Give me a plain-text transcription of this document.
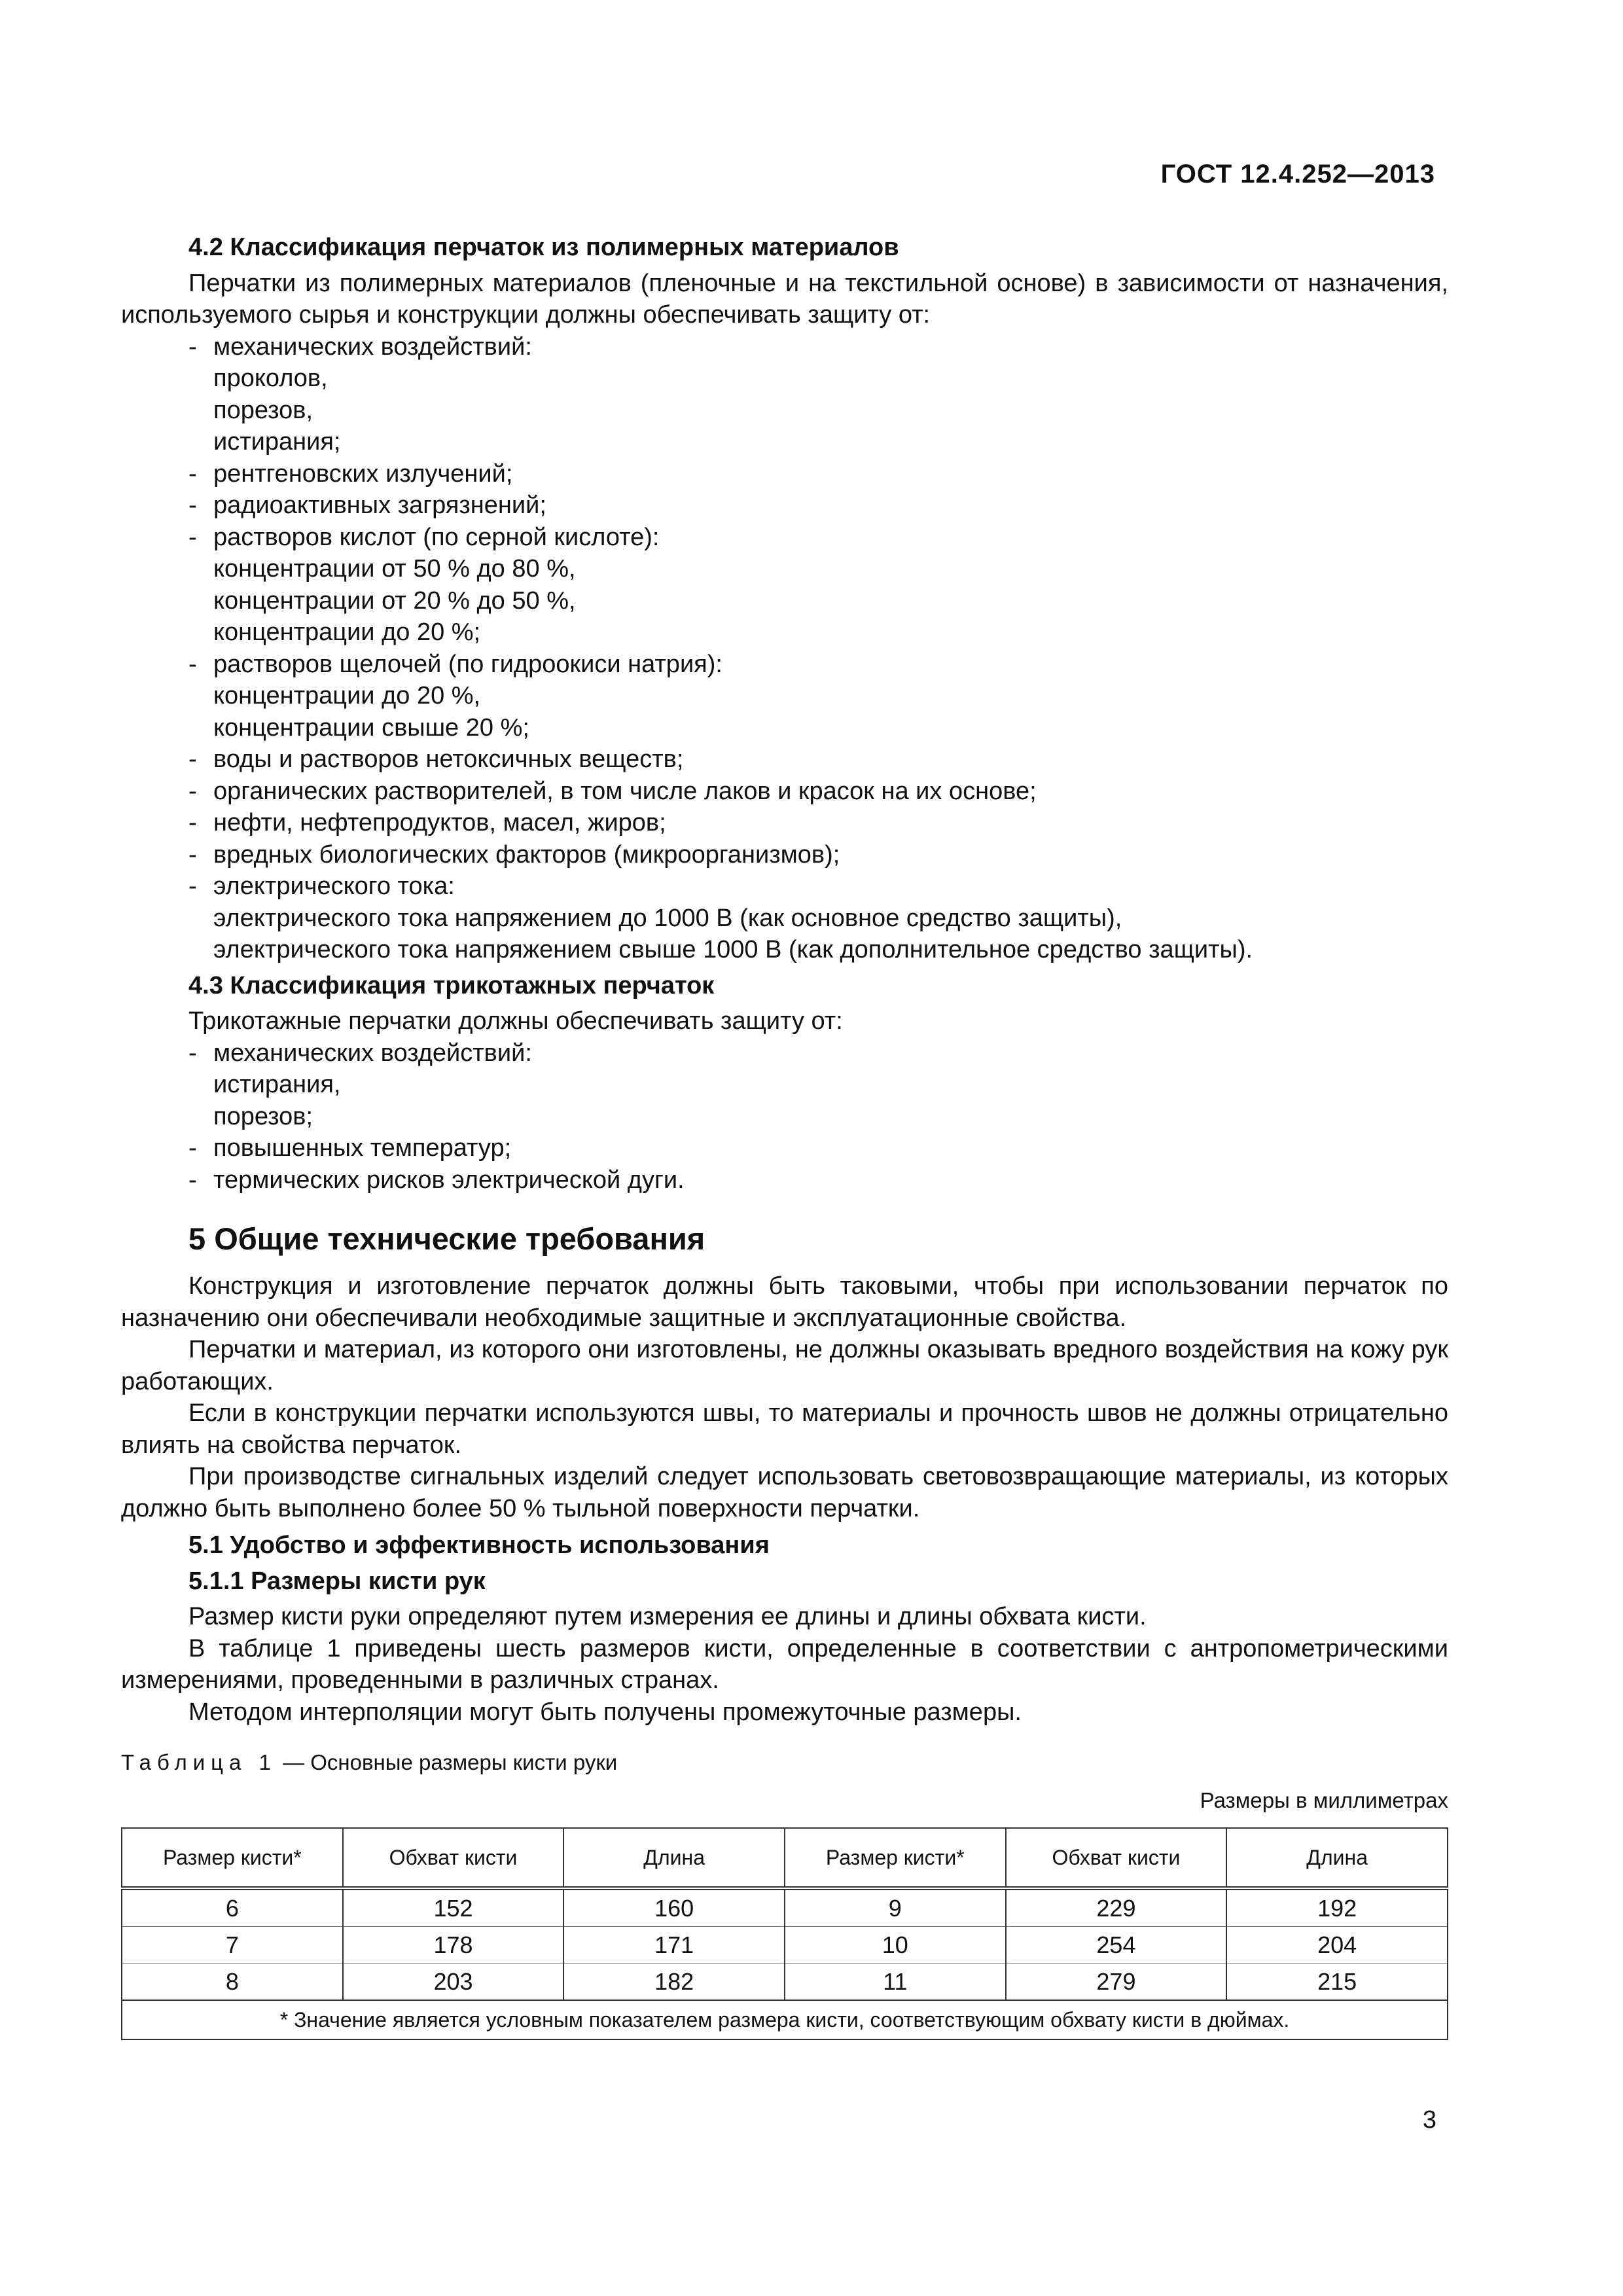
ГОСТ 12.4.252—2013
4.2 Классификация перчаток из полимерных материалов

Перчатки из полимерных материалов (пленочные и на текстильной основе) в зависимости от назначения, используемого сырья и конструкции должны обеспечивать защиту от:

- механических воздействий:
проколов,
порезов,
истирания;
- рентгеновских излучений;
- радиоактивных загрязнений;
- растворов кислот (по серной кислоте):
концентрации от 50 % до 80 %,
концентрации от 20 % до 50 %,
концентрации до 20 %;
- растворов щелочей (по гидроокиси натрия):
концентрации до 20 %,
концентрации свыше 20 %;
- воды и растворов нетоксичных веществ;
- органических растворителей, в том числе лаков и красок на их основе;
- нефти, нефтепродуктов, масел, жиров;
- вредных биологических факторов (микроорганизмов);
- электрического тока:
электрического тока напряжением до 1000 В (как основное средство защиты),
электрического тока напряжением свыше 1000 В (как дополнительное средство защиты).
4.3 Классификация трикотажных перчаток

Трикотажные перчатки должны обеспечивать защиту от:

- механических воздействий:
истирания,
порезов;
- повышенных температур;
- термических рисков электрической дуги.
5 Общие технические требования

Конструкция и изготовление перчаток должны быть таковыми, чтобы при использовании перчаток по назначению они обеспечивали необходимые защитные и эксплуатационные свойства.

Перчатки и материал, из которого они изготовлены, не должны оказывать вредного воздействия на кожу рук работающих.

Если в конструкции перчатки используются швы, то материалы и прочность швов не должны отрицательно влиять на свойства перчаток.

При производстве сигнальных изделий следует использовать световозвращающие материалы, из которых должно быть выполнено более 50 % тыльной поверхности перчатки.

5.1 Удобство и эффективность использования
5.1.1 Размеры кисти рук

Размер кисти руки определяют путем измерения ее длины и длины обхвата кисти.

В таблице 1 приведены шесть размеров кисти, определенные в соответствии с антропометрическими измерениями, проведенными в различных странах.

Методом интерполяции могут быть получены промежуточные размеры.

Таблица 1 — Основные размеры кисти руки
Размеры в миллиметрах
Размер кисти*	Обхват кисти	Длина	Размер кисти*	Обхват кисти	Длина
6	152	160	9	229	192
7	178	171	10	254	204
8	203	182	11	279	215
* Значение является условным показателем размера кисти, соответствующим обхвату кисти в дюймах.					
3
